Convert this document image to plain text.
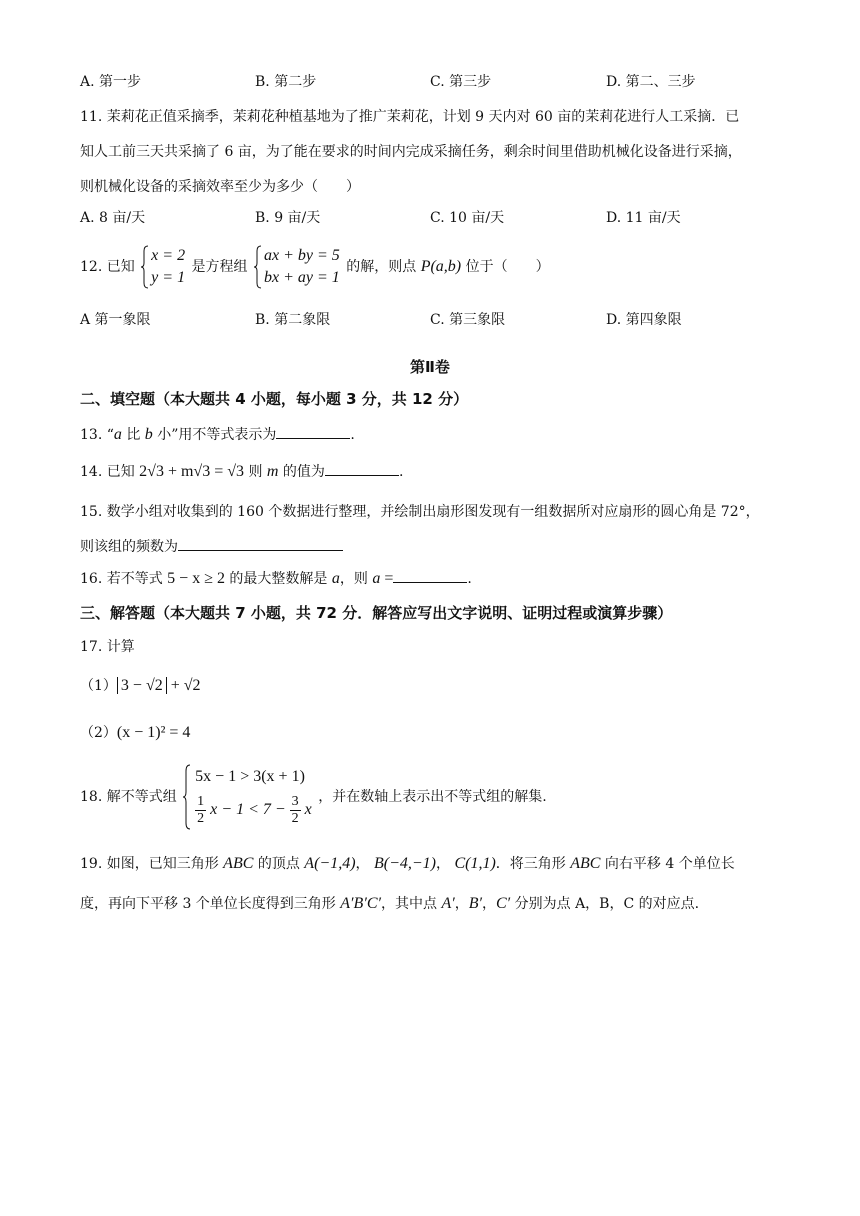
A. 第一步	B. 第二步	C. 第三步	D. 第二、三步
11. 茉莉花正值采摘季，茉莉花种植基地为了推广茉莉花，计划 9 天内对 60 亩的茉莉花进行人工采摘．已
知人工前三天共采摘了 6 亩，为了能在要求的时间内完成采摘任务，剩余时间里借助机械化设备进行采摘，
则机械化设备的采摘效率至少为多少（　　）
A. 8 亩/天	B. 9 亩/天	C. 10 亩/天	D. 11 亩/天
12. 已知
x = 2
y = 1
是方程组
ax + by = 5
bx + ay = 1
的解，则点 P(a,b) 位于（　　）
A 第一象限	B. 第二象限	C. 第三象限	D. 第四象限
第Ⅱ卷
二、填空题（本大题共 4 小题，每小题 3 分，共 12 分）
13. “a 比 b 小”用不等式表示为	.
14. 已知 2√3 + m√3 = √3 则 m 的值为	.
15. 数学小组对收集到的 160 个数据进行整理，并绘制出扇形图发现有一组数据所对应扇形的圆心角是 72°，
则该组的频数为
16. 若不等式 5 − x ≥ 2 的最大整数解是 a，则 a =	.
三、解答题（本大题共 7 小题，共 72 分．解答应写出文字说明、证明过程或演算步骤）
17. 计算
（1） 3 − √2 + √2
（2）(x − 1)² = 4
18. 解不等式组
5x − 1 > 3(x + 1)
$\frac{1}{2}$ $x - 1 < 7 - \frac{3}{2}$ x
，并在数轴上表示出不等式组的解集.
19. 如图，已知三角形 ABC 的顶点 A(−1,4)， B(−4,−1)， C(1,1)．将三角形 ABC 向右平移 4 个单位长
度，再向下平移 3 个单位长度得到三角形 A′B′C′，其中点 A′，B′，C′ 分别为点 A，B，C 的对应点.
